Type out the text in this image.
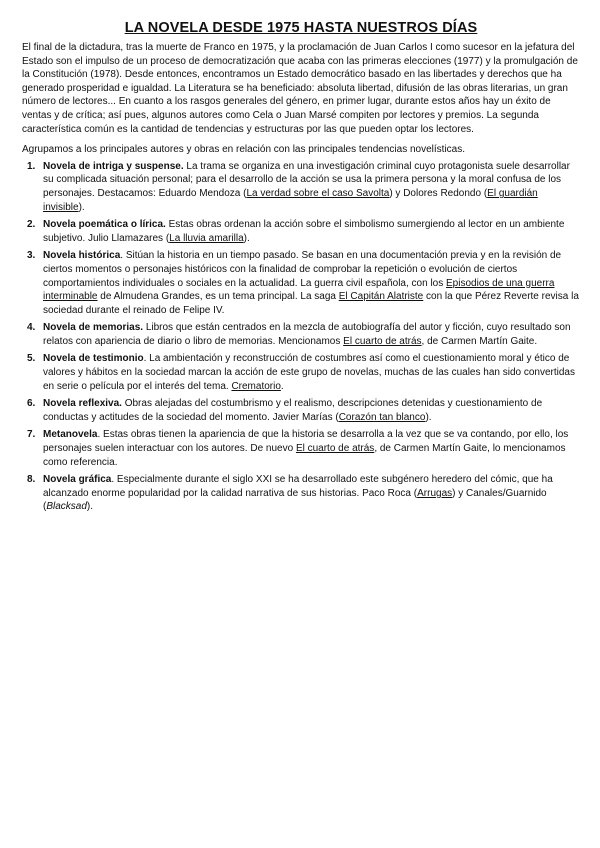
LA NOVELA DESDE 1975 HASTA NUESTROS DÍAS

El final de la dictadura, tras la muerte de Franco en 1975, y la proclamación de Juan Carlos I como sucesor en la jefatura del Estado son el impulso de un proceso de democratización que acaba con las primeras elecciones (1977) y la promulgación de la Constitución (1978). Desde entonces, encontramos un Estado democrático basado en las libertades y derechos que ha generado prosperidad e igualdad. La Literatura se ha beneficiado: absoluta libertad, difusión de las obras literarias, un gran número de lectores... En cuanto a los rasgos generales del género, en primer lugar, durante estos años hay un éxito de ventas y de crítica; así pues, algunos autores como Cela o Juan Marsé compiten por lectores y premios. La segunda característica común es la cantidad de tendencias y estructuras por las que pueden optar los lectores.

Agrupamos a los principales autores y obras en relación con las principales tendencias novelísticas.

1. Novela de intriga y suspense. La trama se organiza en una investigación criminal cuyo protagonista suele desarrollar su complicada situación personal; para el desarrollo de la acción se usa la primera persona y la moral confusa de los personajes. Destacamos: Eduardo Mendoza (La verdad sobre el caso Savolta) y Dolores Redondo (El guardián invisible).
2. Novela poemática o lírica. Estas obras ordenan la acción sobre el simbolismo sumergiendo al lector en un ambiente subjetivo. Julio Llamazares (La lluvia amarilla).
3. Novela histórica. Sitúan la historia en un tiempo pasado. Se basan en una documentación previa y en la revisión de ciertos momentos o personajes históricos con la finalidad de comprobar la repetición o evolución de ciertos comportamientos individuales o sociales en la actualidad. La guerra civil española, con los Episodios de una guerra interminable de Almudena Grandes, es un tema principal. La saga El Capitán Alatriste con la que Pérez Reverte revisa la sociedad durante el reinado de Felipe IV.
4. Novela de memorias. Libros que están centrados en la mezcla de autobiografía del autor y ficción, cuyo resultado son relatos con apariencia de diario o libro de memorias. Mencionamos El cuarto de atrás, de Carmen Martín Gaite.
5. Novela de testimonio. La ambientación y reconstrucción de costumbres así como el cuestionamiento moral y ético de valores y hábitos en la sociedad marcan la acción de este grupo de novelas, muchas de las cuales han sido convertidas en serie o película por el interés del tema. Crematorio.
6. Novela reflexiva. Obras alejadas del costumbrismo y el realismo, descripciones detenidas y cuestionamiento de conductas y actitudes de la sociedad del momento. Javier Marías (Corazón tan blanco).
7. Metanovela. Estas obras tienen la apariencia de que la historia se desarrolla a la vez que se va contando, por ello, los personajes suelen interactuar con los autores. De nuevo El cuarto de atrás, de Carmen Martín Gaite, lo mencionamos como referencia.
8. Novela gráfica. Especialmente durante el siglo XXI se ha desarrollado este subgénero heredero del cómic, que ha alcanzado enorme popularidad por la calidad narrativa de sus historias. Paco Roca (Arrugas) y Canales/Guarnido (Blacksad).
